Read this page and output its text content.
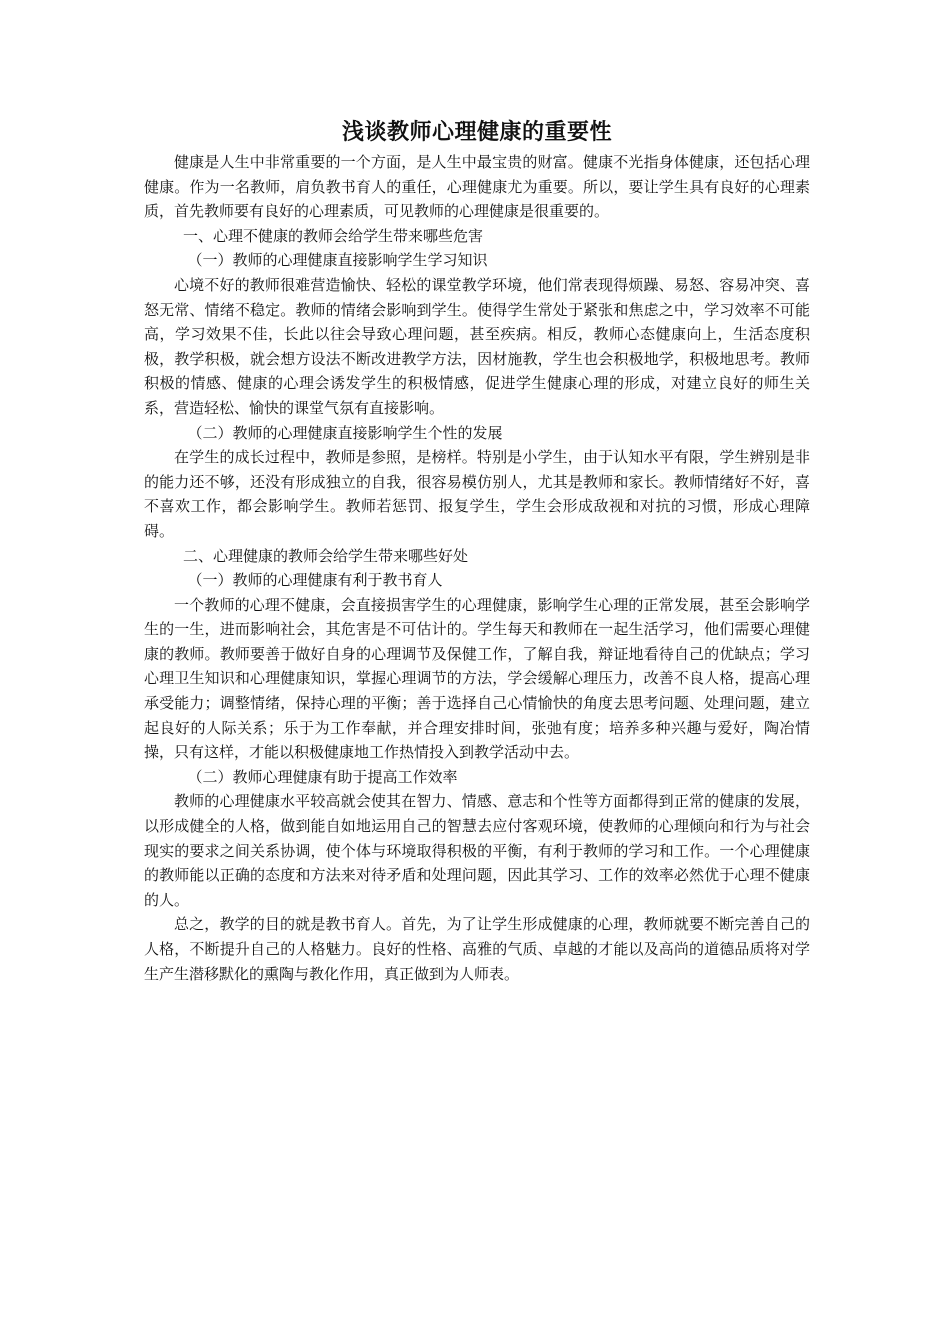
浅谈教师心理健康的重要性

健康是人生中非常重要的一个方面，是人生中最宝贵的财富。健康不光指身体健康，还包括心理健康。作为一名教师，肩负教书育人的重任，心理健康尤为重要。所以，要让学生具有良好的心理素质，首先教师要有良好的心理素质，可见教师的心理健康是很重要的。

一、心理不健康的教师会给学生带来哪些危害

（一）教师的心理健康直接影响学生学习知识

心境不好的教师很难营造愉快、轻松的课堂教学环境，他们常表现得烦躁、易怒、容易冲突、喜怒无常、情绪不稳定。教师的情绪会影响到学生。使得学生常处于紧张和焦虑之中，学习效率不可能高，学习效果不佳，长此以往会导致心理问题，甚至疾病。相反，教师心态健康向上，生活态度积极，教学积极，就会想方设法不断改进教学方法，因材施教，学生也会积极地学，积极地思考。教师积极的情感、健康的心理会诱发学生的积极情感，促进学生健康心理的形成，对建立良好的师生关系，营造轻松、愉快的课堂气氛有直接影响。

（二）教师的心理健康直接影响学生个性的发展

在学生的成长过程中，教师是参照，是榜样。特别是小学生，由于认知水平有限，学生辨别是非的能力还不够，还没有形成独立的自我，很容易模仿别人，尤其是教师和家长。教师情绪好不好，喜不喜欢工作，都会影响学生。教师若惩罚、报复学生，学生会形成敌视和对抗的习惯，形成心理障碍。

二、心理健康的教师会给学生带来哪些好处

（一）教师的心理健康有利于教书育人

一个教师的心理不健康，会直接损害学生的心理健康，影响学生心理的正常发展，甚至会影响学生的一生，进而影响社会，其危害是不可估计的。学生每天和教师在一起生活学习，他们需要心理健康的教师。教师要善于做好自身的心理调节及保健工作，了解自我，辩证地看待自己的优缺点；学习心理卫生知识和心理健康知识，掌握心理调节的方法，学会缓解心理压力，改善不良人格，提高心理承受能力；调整情绪，保持心理的平衡；善于选择自己心情愉快的角度去思考问题、处理问题，建立起良好的人际关系；乐于为工作奉献，并合理安排时间，张弛有度；培养多种兴趣与爱好，陶冶情操，只有这样，才能以积极健康地工作热情投入到教学活动中去。

（二）教师心理健康有助于提高工作效率

教师的心理健康水平较高就会使其在智力、情感、意志和个性等方面都得到正常的健康的发展，以形成健全的人格，做到能自如地运用自己的智慧去应付客观环境，使教师的心理倾向和行为与社会现实的要求之间关系协调，使个体与环境取得积极的平衡，有利于教师的学习和工作。一个心理健康的教师能以正确的态度和方法来对待矛盾和处理问题，因此其学习、工作的效率必然优于心理不健康的人。

总之，教学的目的就是教书育人。首先，为了让学生形成健康的心理，教师就要不断完善自己的人格，不断提升自己的人格魅力。良好的性格、高雅的气质、卓越的才能以及高尚的道德品质将对学生产生潜移默化的熏陶与教化作用，真正做到为人师表。
